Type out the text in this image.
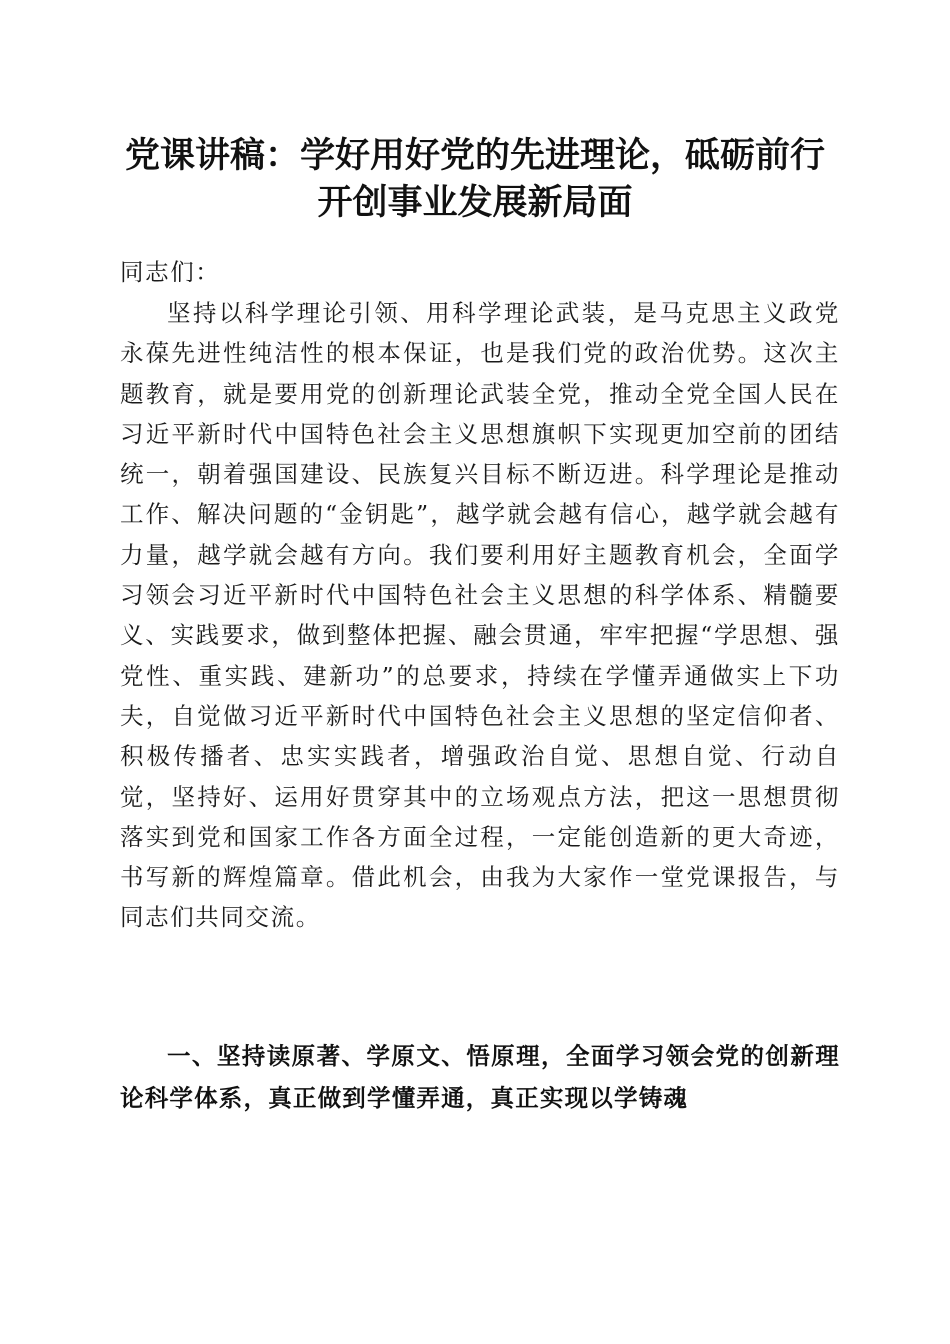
党课讲稿：学好用好党的先进理论，砥砺前行
开创事业发展新局面

同志们：

坚持以科学理论引领、用科学理论武装，是马克思主义政党永葆先进性纯洁性的根本保证，也是我们党的政治优势。这次主题教育，就是要用党的创新理论武装全党，推动全党全国人民在习近平新时代中国特色社会主义思想旗帜下实现更加空前的团结统一，朝着强国建设、民族复兴目标不断迈进。科学理论是推动工作、解决问题的“金钥匙”，越学就会越有信心，越学就会越有力量，越学就会越有方向。我们要利用好主题教育机会，全面学习领会习近平新时代中国特色社会主义思想的科学体系、精髓要义、实践要求，做到整体把握、融会贯通，牢牢把握“学思想、强党性、重实践、建新功”的总要求，持续在学懂弄通做实上下功夫，自觉做习近平新时代中国特色社会主义思想的坚定信仰者、积极传播者、忠实实践者，增强政治自觉、思想自觉、行动自觉，坚持好、运用好贯穿其中的立场观点方法，把这一思想贯彻落实到党和国家工作各方面全过程，一定能创造新的更大奇迹，书写新的辉煌篇章。借此机会，由我为大家作一堂党课报告，与同志们共同交流。

一、坚持读原著、学原文、悟原理，全面学习领会党的创新理论科学体系，真正做到学懂弄通，真正实现以学铸魂
